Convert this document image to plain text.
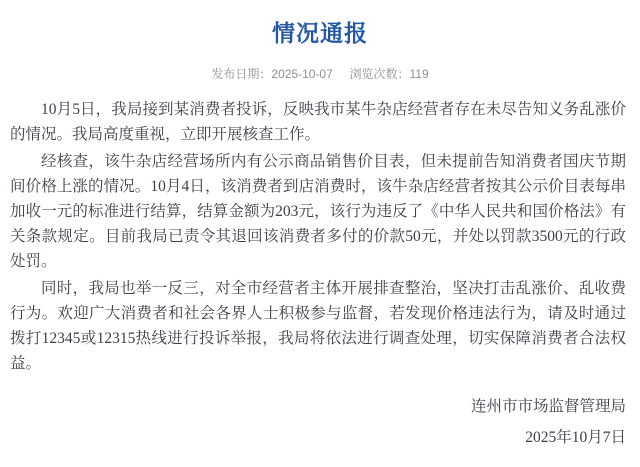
情况通报
发布日期：2025-10-07 浏览次数：119

10月5日，我局接到某消费者投诉，反映我市某牛杂店经营者存在未尽告知义务乱涨价的情况。我局高度重视，立即开展核查工作。

经核查，该牛杂店经营场所内有公示商品销售价目表，但未提前告知消费者国庆节期间价格上涨的情况。10月4日，该消费者到店消费时，该牛杂店经营者按其公示价目表每串加收一元的标准进行结算，结算金额为203元，该行为违反了《中华人民共和国价格法》有关条款规定。目前我局已责令其退回该消费者多付的价款50元，并处以罚款3500元的行政处罚。

同时，我局也举一反三，对全市经营者主体开展排查整治，坚决打击乱涨价、乱收费行为。欢迎广大消费者和社会各界人士积极参与监督，若发现价格违法行为，请及时通过拨打12345或12315热线进行投诉举报，我局将依法进行调查处理，切实保障消费者合法权益。

连州市市场监督管理局
2025年10月7日
